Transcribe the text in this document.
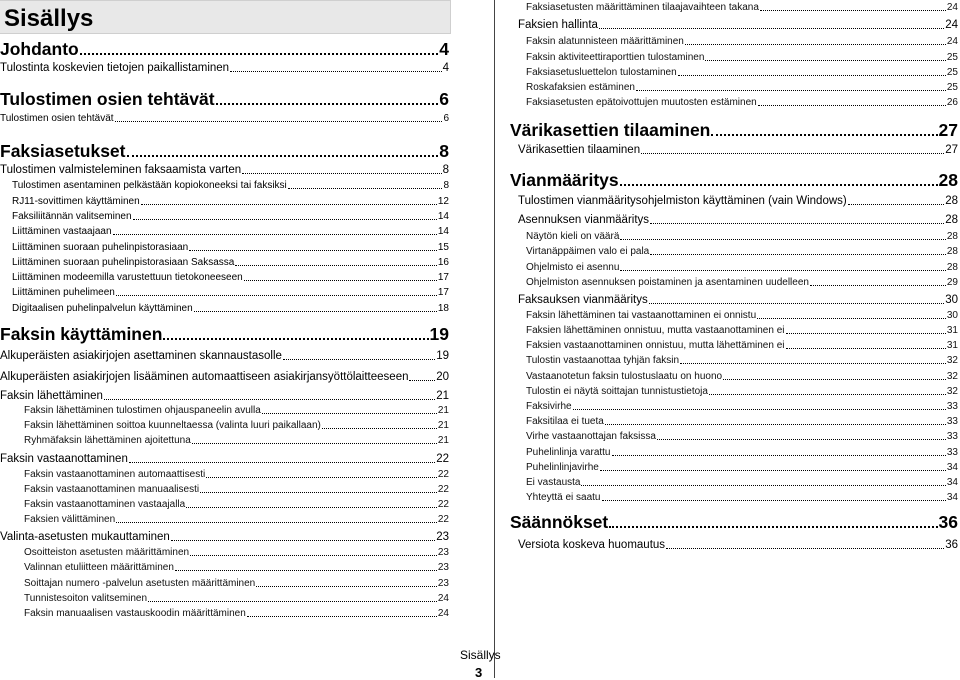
Sisällys
Johdanto	4
Tulostinta koskevien tietojen paikallistaminen	4
Tulostimen osien tehtävät	6
Tulostimen osien tehtävät	6
Faksiasetukset	8
Tulostimen valmisteleminen faksaamista varten	8
Tulostimen asentaminen pelkästään kopiokoneeksi tai faksiksi	8
RJ11-sovittimen käyttäminen	12
Faksiliitännän valitseminen	14
Liittäminen vastaajaan	14
Liittäminen suoraan puhelinpistorasiaan	15
Liittäminen suoraan puhelinpistorasiaan Saksassa	16
Liittäminen modeemilla varustettuun tietokoneeseen	17
Liittäminen puhelimeen	17
Digitaalisen puhelinpalvelun käyttäminen	18
Faksin käyttäminen	19
Alkuperäisten asiakirjojen asettaminen skannaustasolle	19
Alkuperäisten asiakirjojen lisääminen automaattiseen asiakirjansyöttölaitteeseen 20
Faksin lähettäminen	21
Faksin lähettäminen tulostimen ohjauspaneelin avulla	21
Faksin lähettäminen soittoa kuunneltaessa (valinta luuri paikallaan)	21
Ryhmäfaksin lähettäminen ajoitettuna	21
Faksin vastaanottaminen	22
Faksin vastaanottaminen automaattisesti	22
Faksin vastaanottaminen manuaalisesti	22
Faksin vastaanottaminen vastaajalla	22
Faksien välittäminen	22
Valinta-asetusten mukauttaminen	23
Osoitteiston asetusten määrittäminen	23
Valinnan etuliitteen määrittäminen	23
Soittajan numero -palvelun asetusten määrittäminen	23
Tunnistesoiton valitseminen	24
Faksin manuaalisen vastauskoodin määrittäminen	24
Faksiasetusten määrittäminen tilaajavaihteen takana	24
Faksien hallinta	24
Faksin alatunnisteen määrittäminen	24
Faksin aktiviteettiraporttien tulostaminen	25
Faksiasetusluettelon tulostaminen	25
Roskafaksien estäminen	25
Faksiasetusten epätoivottujen muutosten estäminen	26
Värikasettien tilaaminen	27
Värikasettien tilaaminen	27
Vianmääritys	28
Tulostimen vianmääritysohjelmiston käyttäminen (vain Windows)	28
Asennuksen vianmääritys	28
Näytön kieli on väärä	28
Virtanäppäimen valo ei pala	28
Ohjelmisto ei asennu	28
Ohjelmiston asennuksen poistaminen ja asentaminen uudelleen	29
Faksauksen vianmääritys	30
Faksin lähettäminen tai vastaanottaminen ei onnistu	30
Faksien lähettäminen onnistuu, mutta vastaanottaminen ei	31
Faksien vastaanottaminen onnistuu, mutta lähettäminen ei	31
Tulostin vastaanottaa tyhjän faksin	32
Vastaanotetun faksin tulostuslaatu on huono	32
Tulostin ei näytä soittajan tunnistustietoja	32
Faksivirhe	33
Faksitilaa ei tueta	33
Virhe vastaanottajan faksissa	33
Puhelinlinja varattu	33
Puhelinlinjavirhe	34
Ei vastausta	34
Yhteyttä ei saatu	34
Säännökset	36
Versiota koskeva huomautus	36
Sisällys
3
